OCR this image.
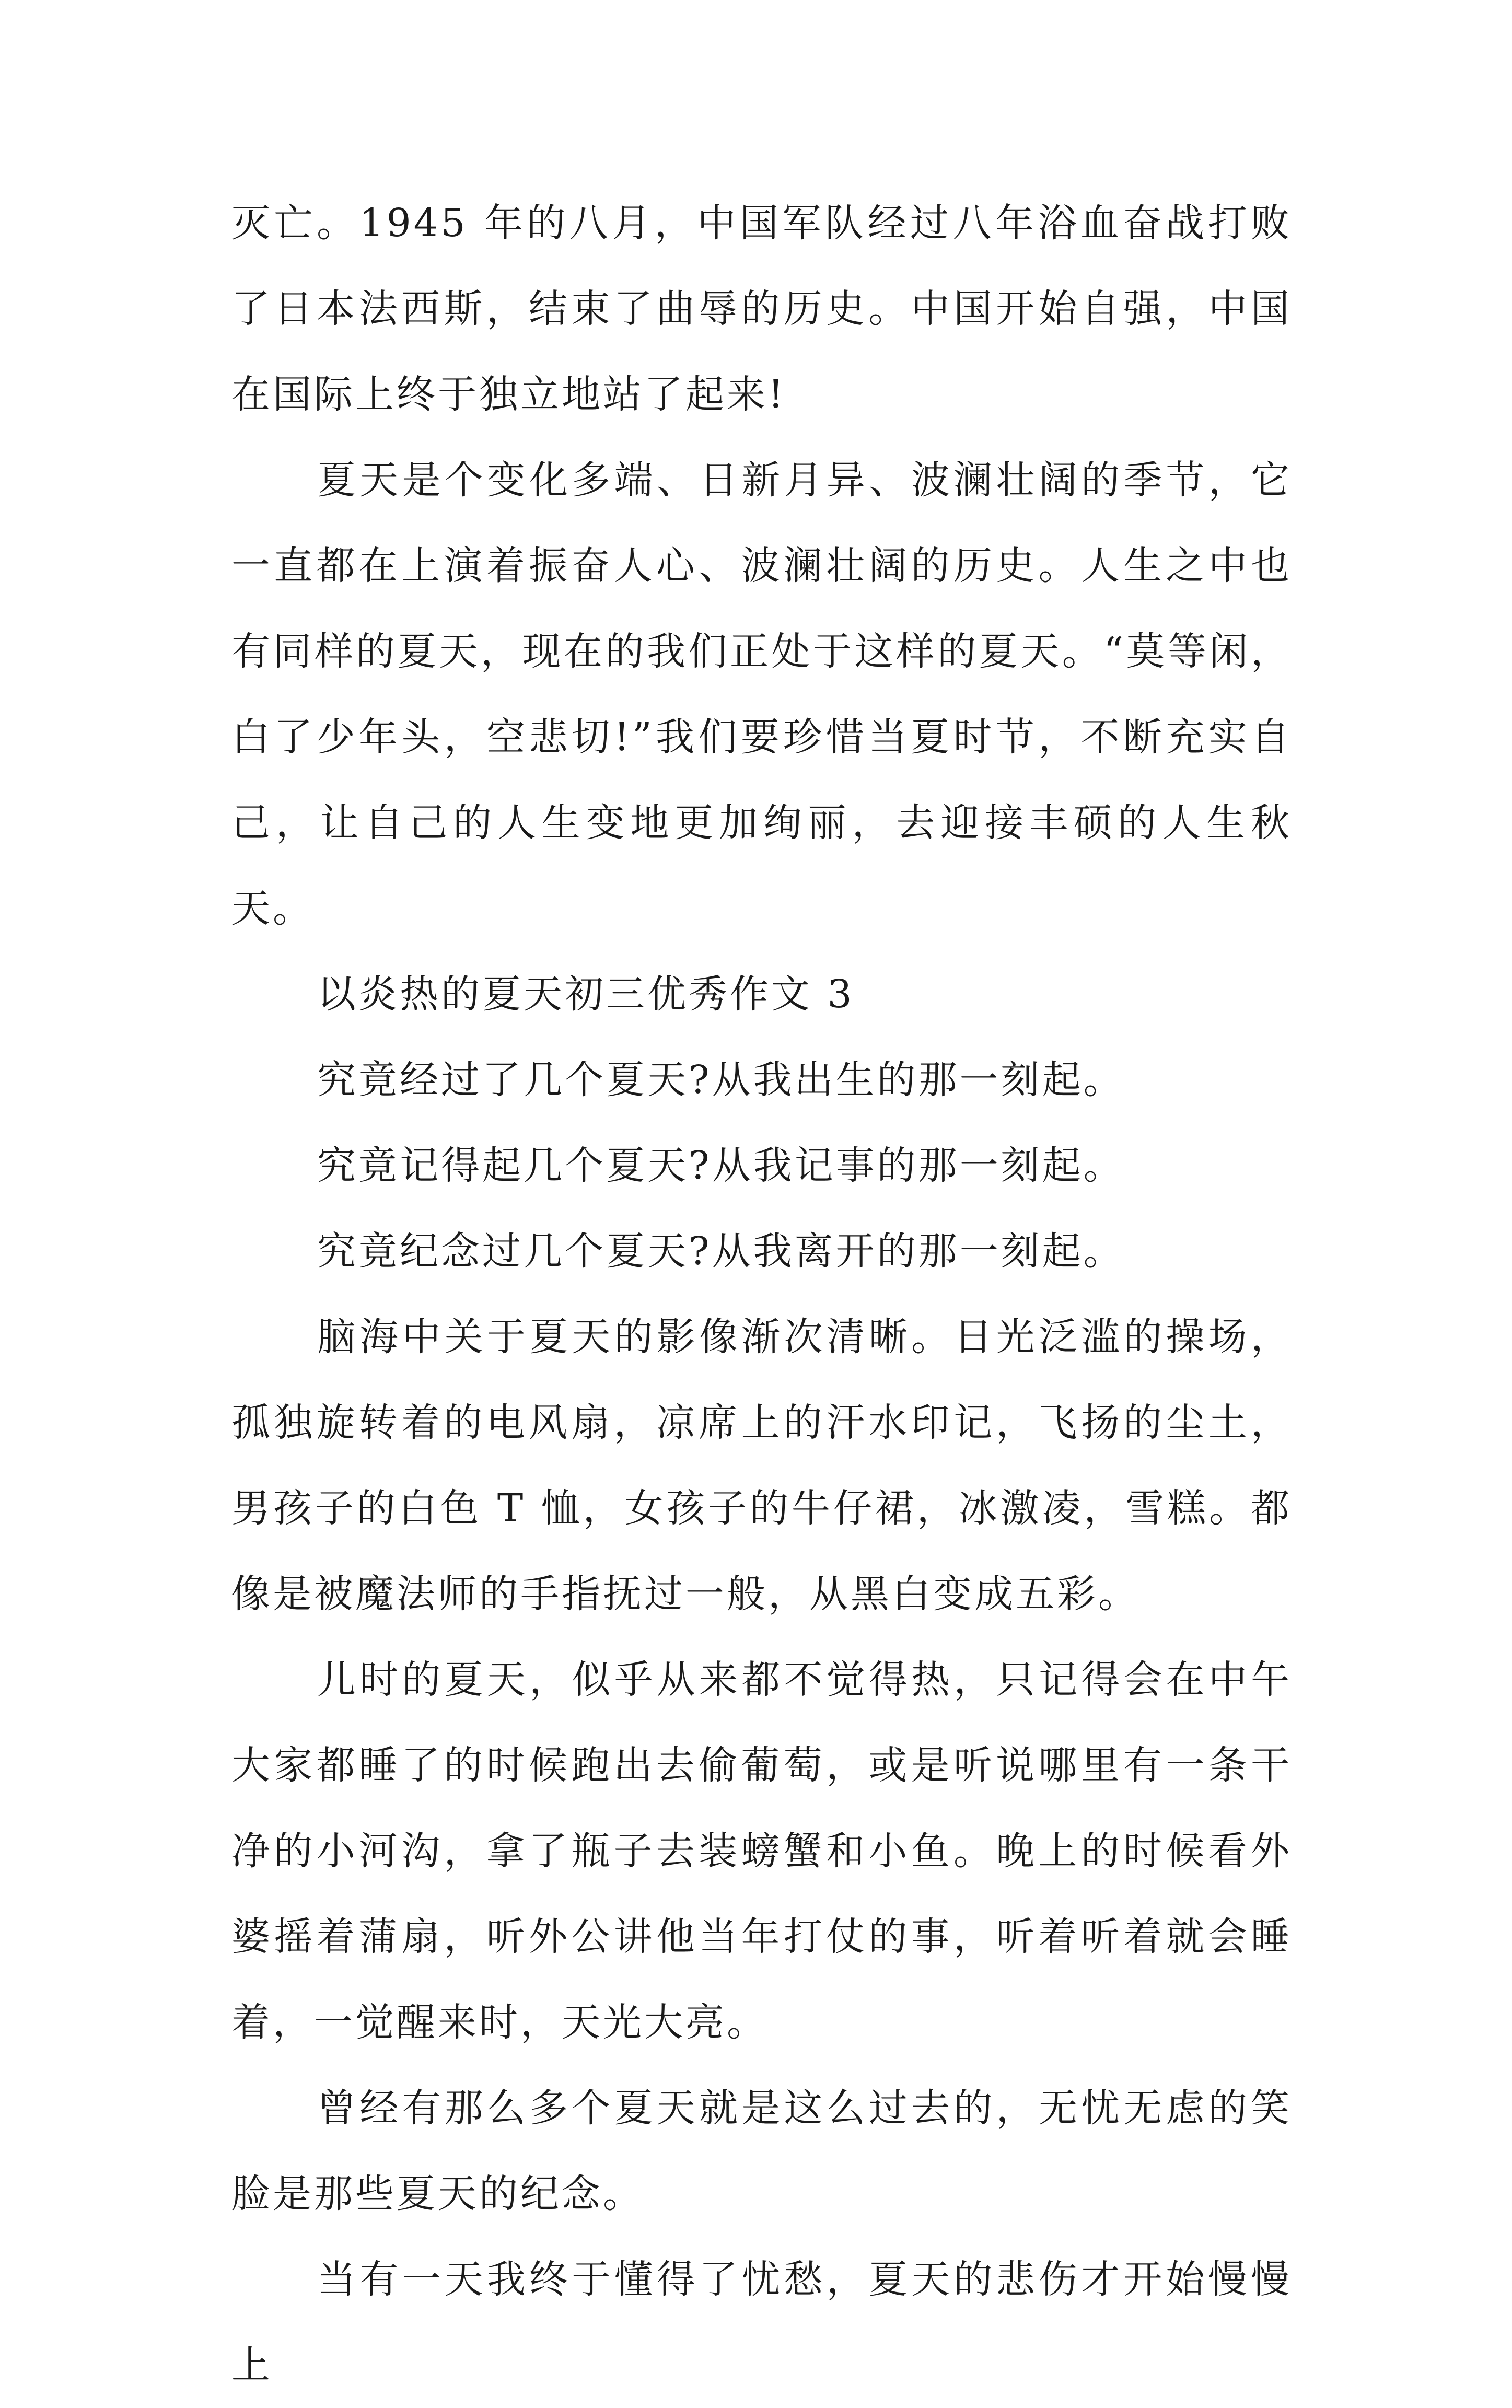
灭亡。1945 年的八月，中国军队经过八年浴血奋战打败了日本法西斯，结束了曲辱的历史。中国开始自强，中国在国际上终于独立地站了起来!

夏天是个变化多端、日新月异、波澜壮阔的季节，它一直都在上演着振奋人心、波澜壮阔的历史。人生之中也有同样的夏天，现在的我们正处于这样的夏天。“莫等闲，白了少年头，空悲切!”我们要珍惜当夏时节，不断充实自己，让自己的人生变地更加绚丽，去迎接丰硕的人生秋天。

以炎热的夏天初三优秀作文 3

究竟经过了几个夏天?从我出生的那一刻起。

究竟记得起几个夏天?从我记事的那一刻起。

究竟纪念过几个夏天?从我离开的那一刻起。

脑海中关于夏天的影像渐次清晰。日光泛滥的操场，孤独旋转着的电风扇，凉席上的汗水印记，飞扬的尘土，男孩子的白色 T 恤，女孩子的牛仔裙，冰激凌，雪糕。都像是被魔法师的手指抚过一般，从黑白变成五彩。

儿时的夏天，似乎从来都不觉得热，只记得会在中午大家都睡了的时候跑出去偷葡萄，或是听说哪里有一条干净的小河沟，拿了瓶子去装螃蟹和小鱼。晚上的时候看外婆摇着蒲扇，听外公讲他当年打仗的事，听着听着就会睡着，一觉醒来时，天光大亮。

曾经有那么多个夏天就是这么过去的，无忧无虑的笑脸是那些夏天的纪念。

当有一天我终于懂得了忧愁，夏天的悲伤才开始慢慢上
